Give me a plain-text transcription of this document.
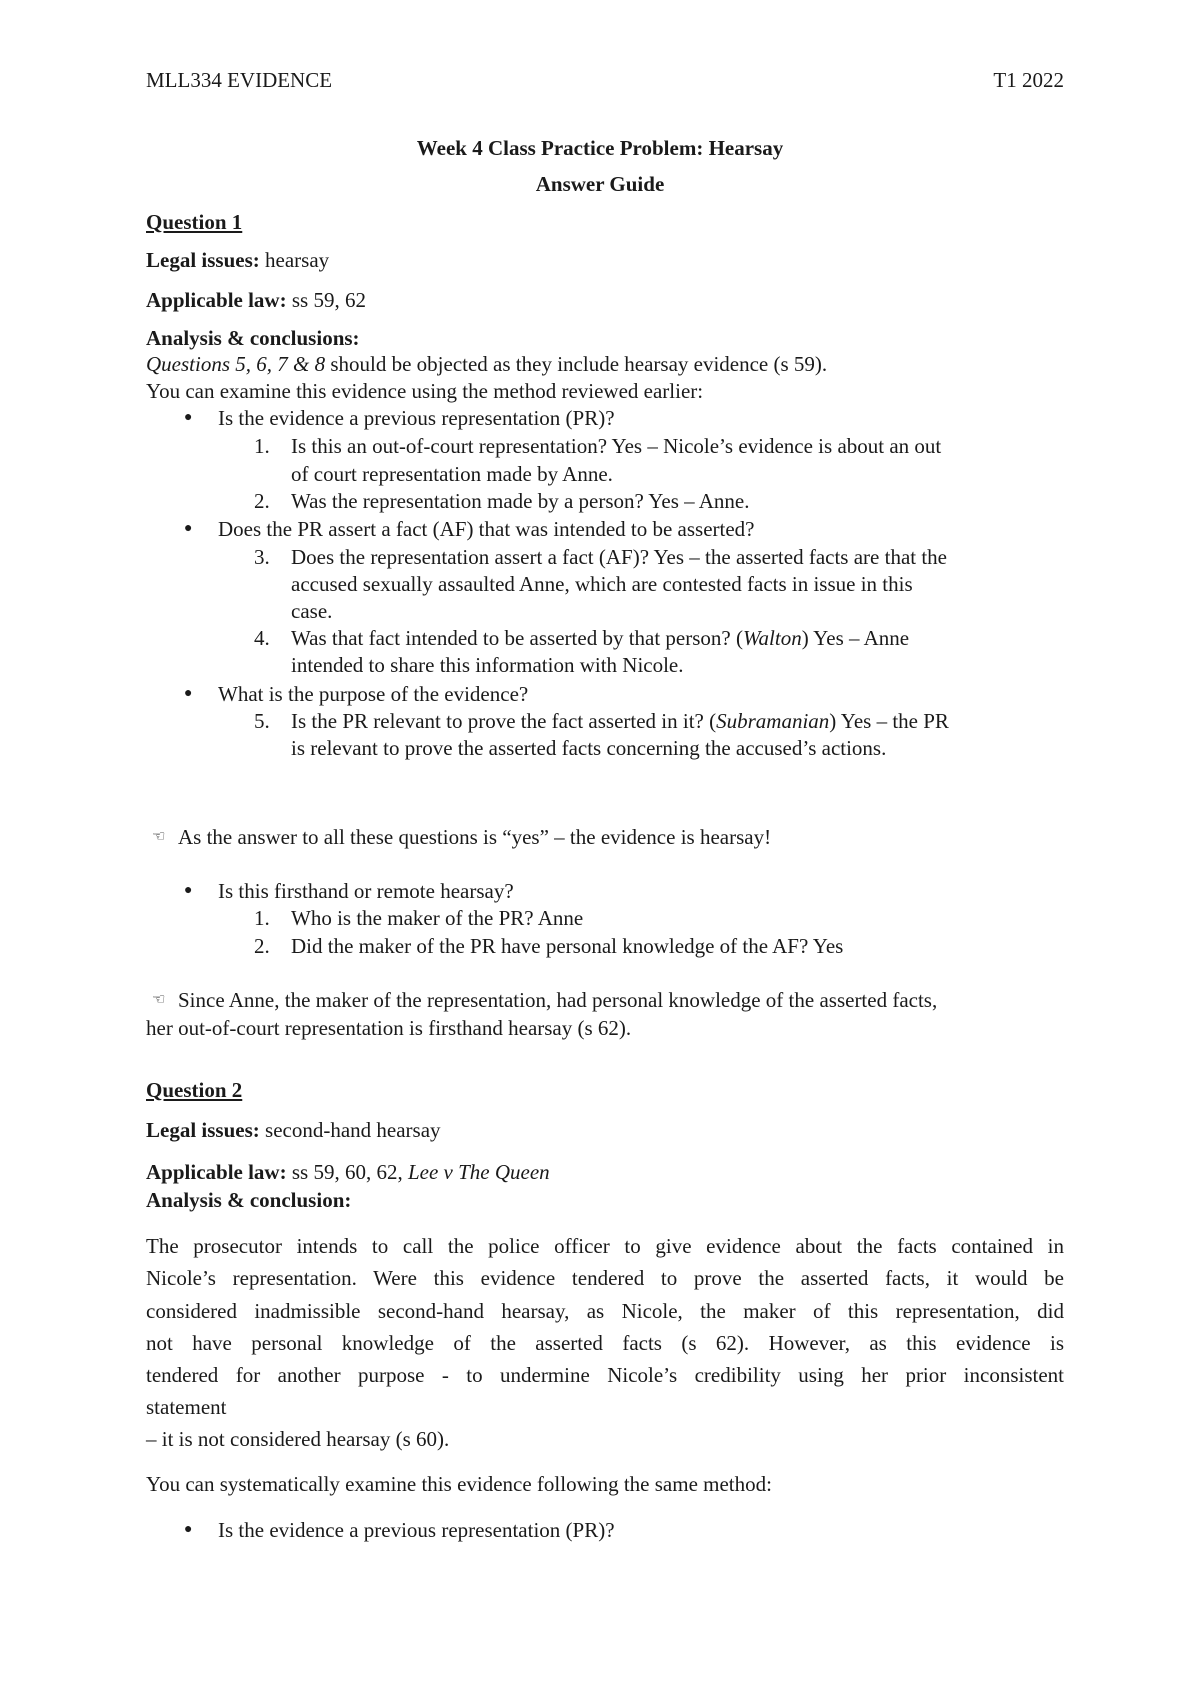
MLL334 EVIDENCE	T1 2022

Week 4 Class Practice Problem: Hearsay

Answer Guide

Question 1

Legal issues: hearsay

Applicable law: ss 59, 62

Analysis & conclusions:

Questions 5, 6, 7 & 8 should be objected as they include hearsay evidence (s 59).

You can examine this evidence using the method reviewed earlier:

● Is the evidence a previous representation (PR)?

1. Is this an out-of-court representation? Yes – Nicole’s evidence is about an out

of court representation made by Anne.

2. Was the representation made by a person? Yes – Anne.

● Does the PR assert a fact (AF) that was intended to be asserted?

3. Does the representation assert a fact (AF)? Yes – the asserted facts are that the

accused sexually assaulted Anne, which are contested facts in issue in this

case.

4. Was that fact intended to be asserted by that person? (Walton) Yes – Anne

intended to share this information with Nicole.

● What is the purpose of the evidence?

5. Is the PR relevant to prove the fact asserted in it? (Subramanian) Yes – the PR

is relevant to prove the asserted facts concerning the accused’s actions.

☜ As the answer to all these questions is “yes” – the evidence is hearsay!

● Is this firsthand or remote hearsay?

1. Who is the maker of the PR? Anne

2. Did the maker of the PR have personal knowledge of the AF? Yes

☜ Since Anne, the maker of the representation, had personal knowledge of the asserted facts,

her out-of-court representation is firsthand hearsay (s 62).

Question 2

Legal issues: second-hand hearsay

Applicable law: ss 59, 60, 62, Lee v The Queen

Analysis & conclusion:

The prosecutor intends to call the police officer to give evidence about the facts contained in

Nicole’s representation. Were this evidence tendered to prove the asserted facts, it would be

considered inadmissible second-hand hearsay, as Nicole, the maker of this representation, did

not have personal knowledge of the asserted facts (s 62). However, as this evidence is

tendered for another purpose - to undermine Nicole’s credibility using her prior inconsistent

statement

– it is not considered hearsay (s 60).

You can systematically examine this evidence following the same method:

● Is the evidence a previous representation (PR)?
